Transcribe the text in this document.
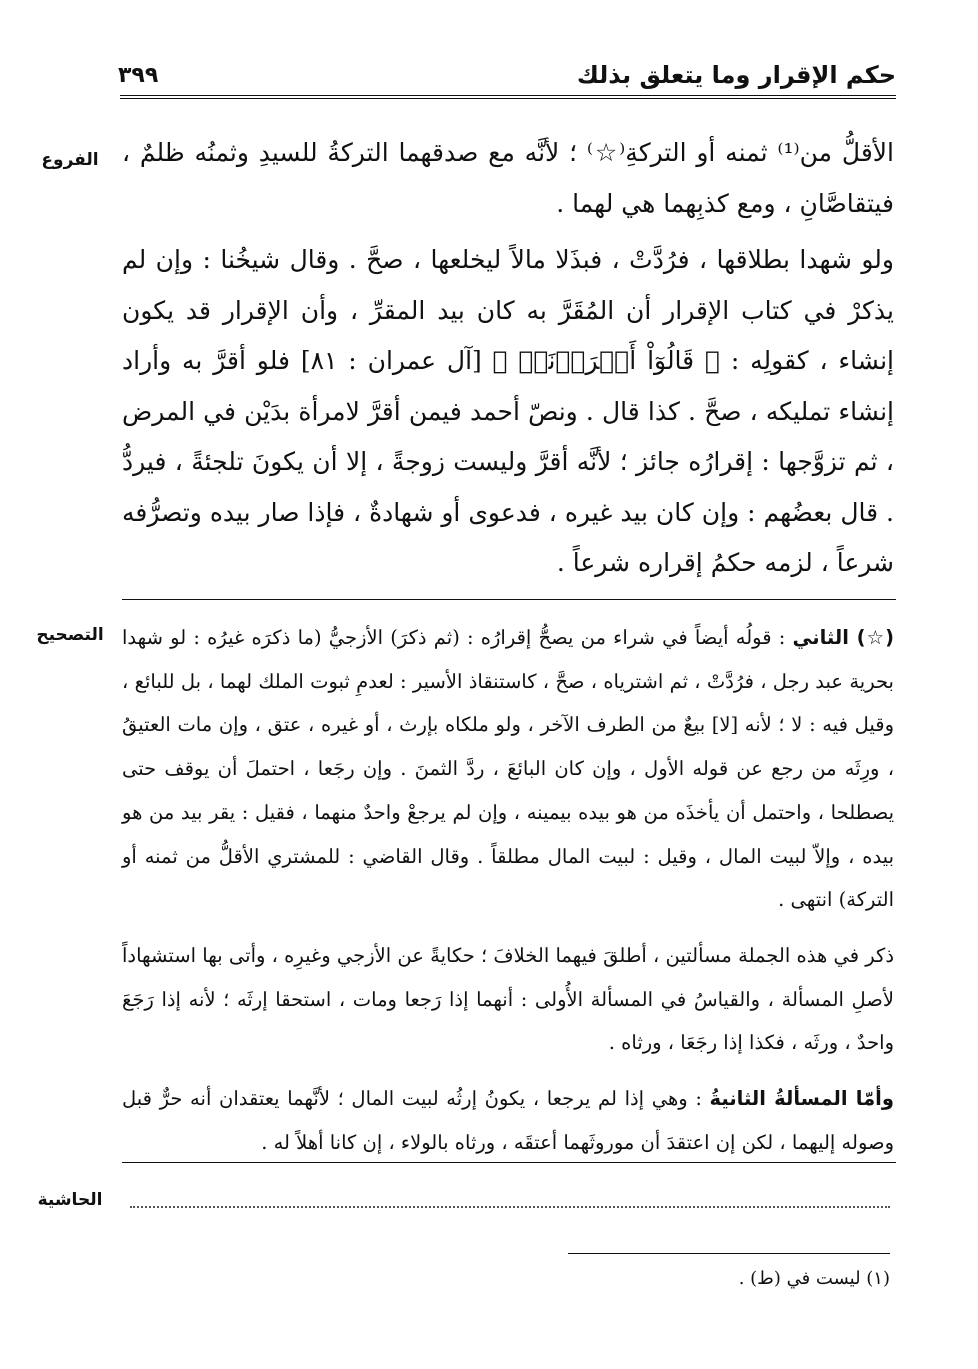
حكم الإقرار وما يتعلق بذلك
٣٩٩
الفروع الأقلُّ من⁽¹⁾ ثمنه أو التركةِ⁽☆⁾ ؛ لأنَّه مع صدقهما التركةُ للسيدِ وثمنُه ظلمٌ ، فيتقاصَّانِ ، ومع كذبِهما هي لهما .

ولو شهدا بطلاقها ، فرُدَّتْ ، فبذَلا مالاً ليخلعها ، صحَّ . وقال شيخُنا : وإن لم يذكرْ في كتاب الإقرار أن المُقَرَّ به كان بيد المقرِّ ، وأن الإقرار قد يكون إنشاء ، كقولِه : ﴿ قَالُوٓاْ أَقۡرَرۡنَاۚ ﴾ [آل عمران : ٨١] فلو أقرَّ به وأراد إنشاء تمليكه ، صحَّ . كذا قال . ونصّ أحمد فيمن أقرَّ لامرأة بدَيْن في المرض ، ثم تزوَّجها : إقرارُه جائز ؛ لأنَّه أقرَّ وليست زوجةً ، إلا أن يكونَ تلجئةً ، فيردُّ . قال بعضُهم : وإن كان بيد غيره ، فدعوى أو شهادةٌ ، فإذا صار بيده وتصرُّفه شرعاً ، لزمه حكمُ إقراره شرعاً .

التصحيح	(☆) الثاني : قولُه أيضاً في شراء من يصحُّ إقرارُه : (ثم ذكرَ) الأزجيُّ (ما ذكرَه غيرُه : لو شهدا بحرية عبد رجل ، فرُدَّتْ ، ثم اشترياه ، صحَّ ، كاستنقاذ الأسير : لعدمِ ثبوت الملك لهما ، بل للبائع ، وقيل فيه : لا ؛ لأنه [لا] بيعٌ من الطرف الآخر ، ولو ملكاه بإرث ، أو غيره ، عتق ، وإن مات العتيقُ ، ورِثَه من رجع عن قوله الأول ، وإن كان البائعَ ، ردَّ الثمنَ . وإن رجَعا ، احتملَ أن يوقف حتى يصطلحا ، واحتمل أن يأخذَه من هو بيده بيمينه ، وإن لم يرجعْ واحدٌ منهما ، فقيل : يقر بيد من هو بيده ، وإلاّ لبيت المال ، وقيل : لبيت المال مطلقاً . وقال القاضي : للمشتري الأقلُّ من ثمنه أو التركة) انتهى .

ذكر في هذه الجملة مسألتين ، أطلقَ فيهما الخلافَ ؛ حكايةً عن الأزجي وغيرِه ، وأتى بها استشهاداً لأصلِ المسألة ، والقياسُ في المسألة الأُولى : أنهما إذا رَجعا ومات ، استحقا إرثَه ؛ لأنه إذا رَجَعَ واحدٌ ، ورثَه ، فكذا إذا رجَعَا ، ورثاه .

وأمّا المسألةُ الثانيةُ : وهي إذا لم يرجعا ، يكونُ إرثُه لبيت المال ؛ لأنَّهما يعتقدان أنه حرٌّ قبل وصوله إليهما ، لكن إن اعتقدَ أن موروثَهما أعتقَه ، ورثاه بالولاء ، إن كانا أهلاً له .

الحاشية
(١) ليست في (ط) .
